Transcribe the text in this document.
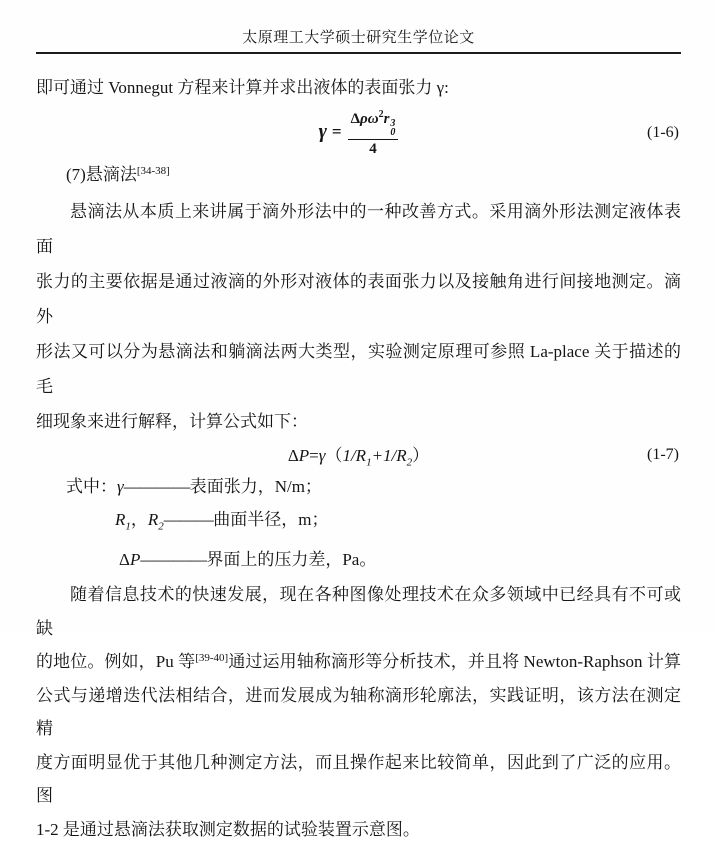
太原理工大学硕士研究生学位论文

即可通过 Vonnegut 方程来计算并求出液体的表面张力 γ:

γ = Δρω$^2$r 3
0
4	(1-6)

(7)悬滴法[34-38]

悬滴法从本质上来讲属于滴外形法中的一种改善方式。采用滴外形法测定液体表面

张力的主要依据是通过液滴的外形对液体的表面张力以及接触角进行间接地测定。滴外

形法又可以分为悬滴法和躺滴法两大类型，实验测定原理可参照 La-place 关于描述的毛

细现象来进行解释，计算公式如下：

$\Delta P=\gamma(1/R_1+1/R_2)$	(1-7)

式中：γ————表面张力，N/m；

$R_1$，$R_2———$曲面半径，m；

ΔP————界面上的压力差，Pa。

随着信息技术的快速发展，现在各种图像处理技术在众多领域中已经具有不可或缺

的地位。例如，Pu 等[39-40]通过运用轴称滴形等分析技术，并且将 Newton-Raphson 计算

公式与递增迭代法相结合，进而发展成为轴称滴形轮廓法，实践证明，该方法在测定精

度方面明显优于其他几种测定方法，而且操作起来比较简单，因此到了广泛的应用。图

1-2 是通过悬滴法获取测定数据的试验装置示意图。
